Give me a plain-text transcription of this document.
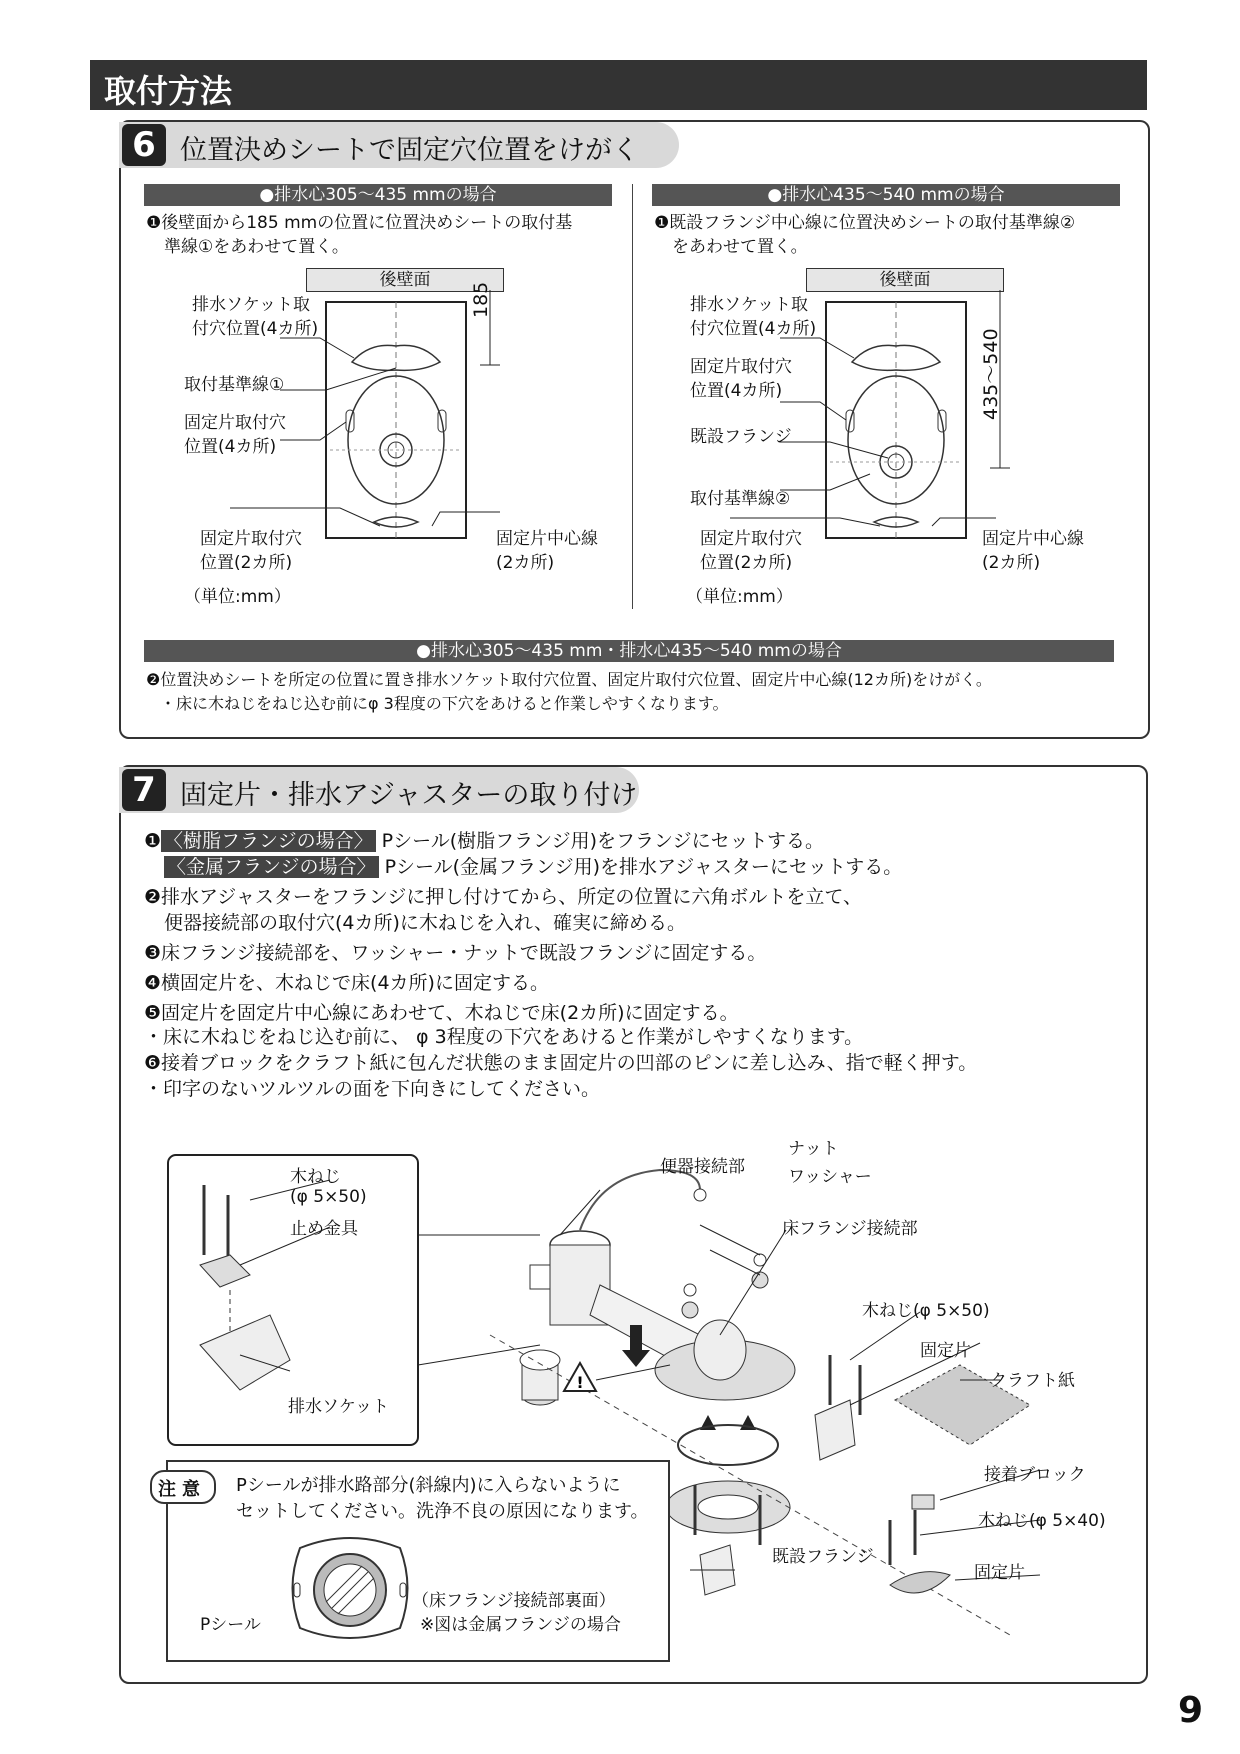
取付方法
6 位置決めシートで固定穴位置をけがく
●排水心305～435 mmの場合
❶後壁面から185 mmの位置に位置決めシートの取付基
準線①をあわせて置く。
後壁面
185
排水ソケット取
付穴位置(4カ所)
取付基準線①
固定片取付穴
位置(4カ所)
固定片取付穴
位置(2カ所)
固定片中心線
(2カ所)
（単位:mm）
●排水心435～540 mmの場合
❶既設フランジ中心線に位置決めシートの取付基準線②
をあわせて置く。
後壁面
435～540
排水ソケット取
付穴位置(4カ所)
固定片取付穴
位置(4カ所)
既設フランジ
取付基準線②
固定片取付穴
位置(2カ所)
固定片中心線
(2カ所)
（単位:mm）
●排水心305～435 mm・排水心435～540 mmの場合
❷位置決めシートを所定の位置に置き排水ソケット取付穴位置、固定片取付穴位置、固定片中心線(12カ所)をけがく。
・床に木ねじをねじ込む前にφ 3程度の下穴をあけると作業しやすくなります。
7 固定片・排水アジャスターの取り付け
❶ 〈樹脂フランジの場合〉 Pシール(樹脂フランジ用)をフランジにセットする。
〈金属フランジの場合〉 Pシール(金属フランジ用)を排水アジャスターにセットする。
❷排水アジャスターをフランジに押し付けてから、所定の位置に六角ボルトを立て、
便器接続部の取付穴(4カ所)に木ねじを入れ、確実に締める。
❸床フランジ接続部を、ワッシャー・ナットで既設フランジに固定する。
❹横固定片を、木ねじで床(4カ所)に固定する。
❺固定片を固定片中心線にあわせて、木ねじで床(2カ所)に固定する。
・床に木ねじをねじ込む前に、 φ 3程度の下穴をあけると作業がしやすくなります。
❻接着ブロックをクラフト紙に包んだ状態のまま固定片の凹部のピンに差し込み、指で軽く押す。
・印字のないツルツルの面を下向きにしてください。
!
木ねじ
(φ 5×50)
止め金具
排水ソケット
便器接続部
ナット
ワッシャー
床フランジ接続部
木ねじ(φ 5×50)
固定片
クラフト紙
接着ブロック
木ねじ(φ 5×40)
既設フランジ
固定片
注 意 Pシールが排水路部分(斜線内)に入らないように
セットしてください。洗浄不良の原因になります。
Pシール
（床フランジ接続部裏面）
※図は金属フランジの場合
9
